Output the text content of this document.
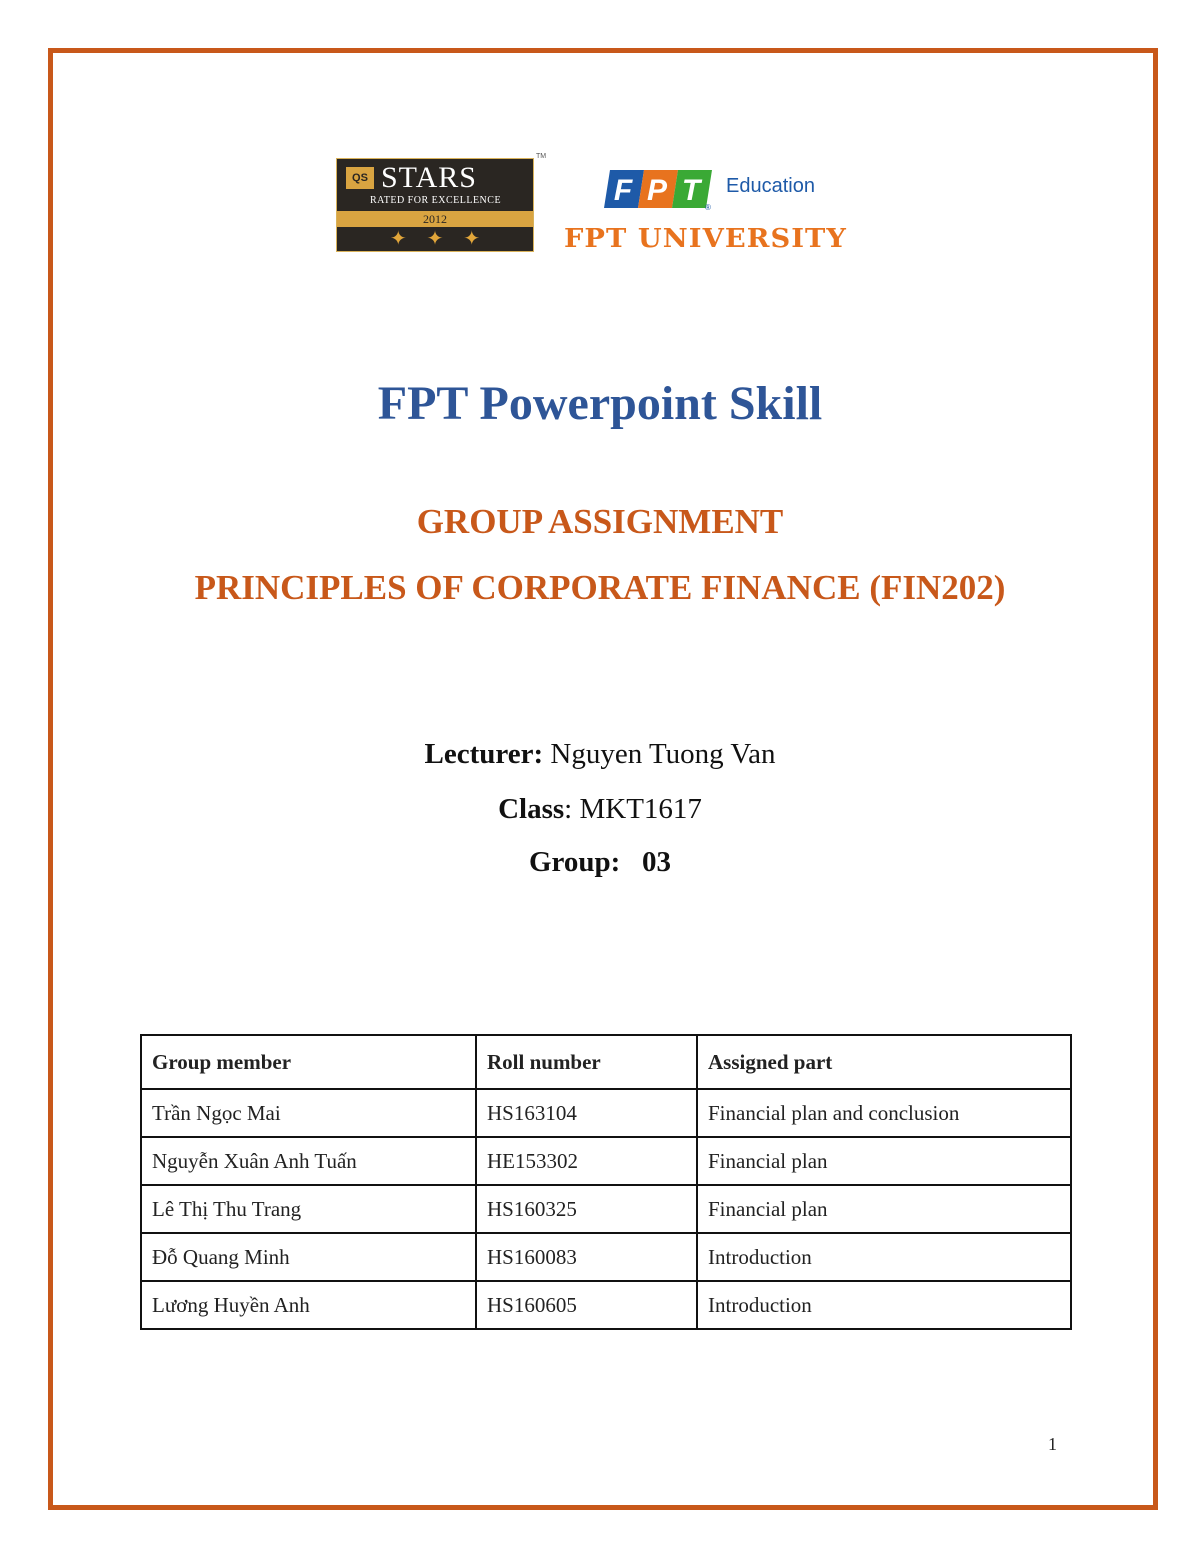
QS STARS
RATED FOR EXCELLENCE
2012
✦ ✦ ✦
TM
F P T
®
Education
FPT UNIVERSITY
FPT Powerpoint Skill
GROUP ASSIGNMENT
PRINCIPLES OF CORPORATE FINANCE (FIN202)
Lecturer: Nguyen Tuong Van
Class: MKT1617
Group: 03
Group member	Roll number	Assigned part
Trần Ngọc Mai	HS163104	Financial plan and conclusion
Nguyễn Xuân Anh Tuấn	HE153302	Financial plan
Lê Thị Thu Trang	HS160325	Financial plan
Đỗ Quang Minh	HS160083	Introduction
Lương Huyền Anh	HS160605	Introduction
1
